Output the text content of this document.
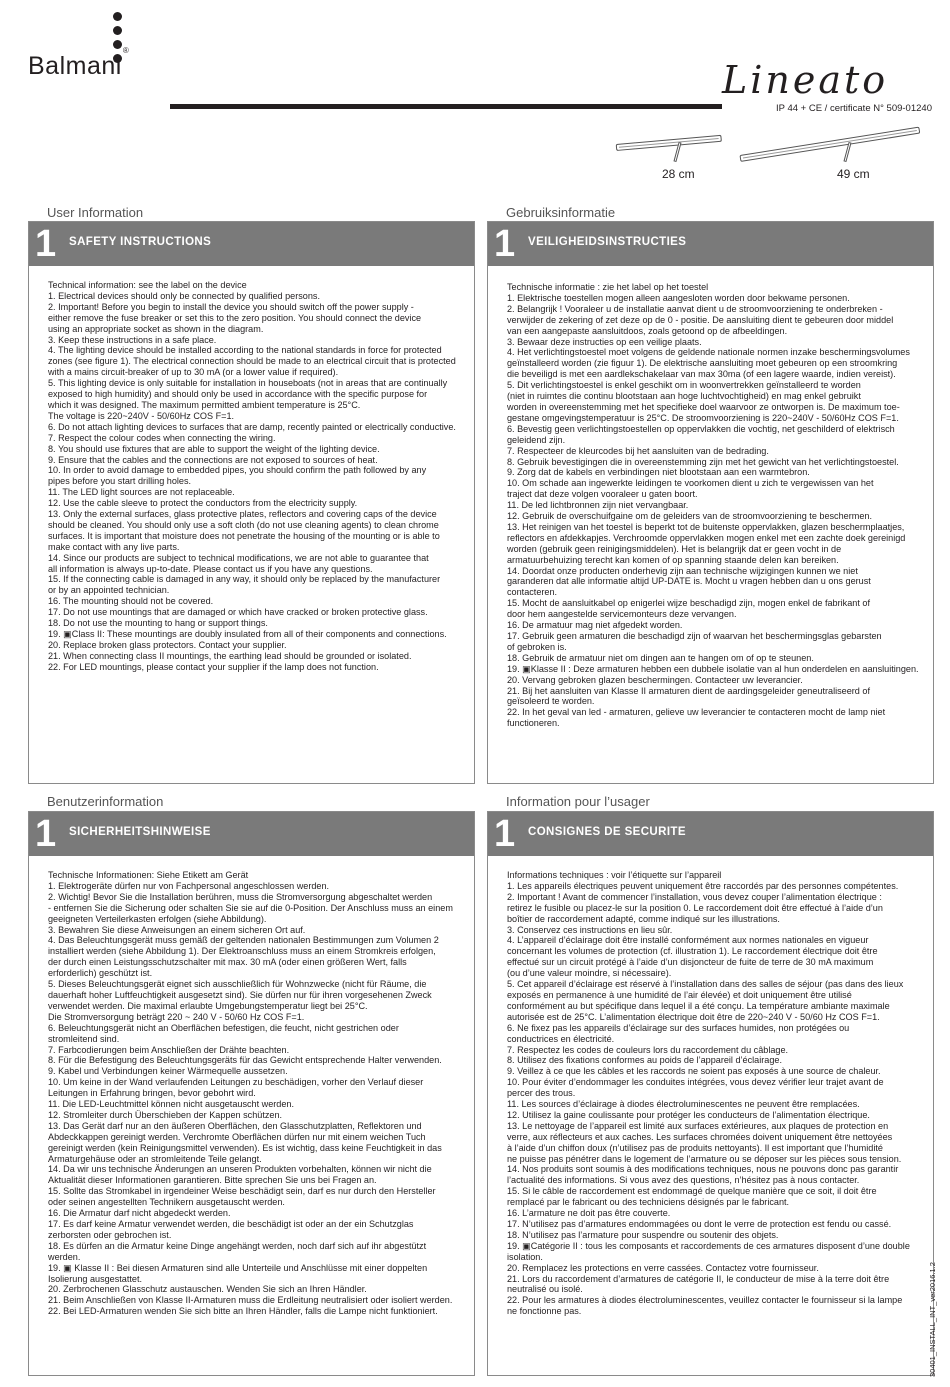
Balmani®
Lineato
IP 44 + CE / certificate N° 509-01240
28 cm	49 cm
User Information
1 SAFETY INSTRUCTIONS
Technical information: see the label on the device
1. Electrical devices should only be connected by qualified persons.
2. Important! Before you begin to install the device you should switch off the power supply -
either remove the fuse breaker or set this to the zero position. You should connect the device
using an appropriate socket as shown in the diagram.
3. Keep these instructions in a safe place.
4. The lighting device should be installed according to the national standards in force for protected
zones (see figure 1). The electrical connection should be made to an electrical circuit that is protected
with a mains circuit-breaker of up to 30 mA (or a lower value if required).
5. This lighting device is only suitable for installation in houseboats (not in areas that are continually
exposed to high humidity) and should only be used in accordance with the specific purpose for
which it was designed. The maximum permitted ambient temperature is 25°C.
The voltage is 220~240V - 50/60Hz COS F=1.
6. Do not attach lighting devices to surfaces that are damp, recently painted or electrically conductive.
7. Respect the colour codes when connecting the wiring.
8. You should use fixtures that are able to support the weight of the lighting device.
9. Ensure that the cables and the connections are not exposed to sources of heat.
10. In order to avoid damage to embedded pipes, you should confirm the path followed by any
pipes before you start drilling holes.
11. The LED light sources are not replaceable.
12. Use the cable sleeve to protect the conductors from the electricity supply.
13. Only the external surfaces, glass protective plates, reflectors and covering caps of the device
should be cleaned. You should only use a soft cloth (do not use cleaning agents) to clean chrome
surfaces. It is important that moisture does not penetrate the housing of the mounting or is able to
make contact with any live parts.
14. Since our products are subject to technical modifications, we are not able to guarantee that
all information is always up-to-date. Please contact us if you have any questions.
15. If the connecting cable is damaged in any way, it should only be replaced by the manufacturer
or by an appointed technician.
16. The mounting should not be covered.
17. Do not use mountings that are damaged or which have cracked or broken protective glass.
18. Do not use the mounting to hang or support things.
19. ▣Class II: These mountings are doubly insulated from all of their components and connections.
20. Replace broken glass protectors. Contact your supplier.
21. When connecting class II mountings, the earthing lead should be grounded or isolated.
22. For LED mountings, please contact your supplier if the lamp does not function.
Gebruiksinformatie
1 VEILIGHEIDSINSTRUCTIES
Technische informatie : zie het label op het toestel
1. Elektrische toestellen mogen alleen aangesloten worden door bekwame personen.
2. Belangrijk ! Vooraleer u de installatie aanvat dient u de stroomvoorziening te onderbreken -
verwijder de zekering of zet deze op de 0 - positie. De aansluiting dient te gebeuren door middel
van een aangepaste aansluitdoos, zoals getoond op de afbeeldingen.
3. Bewaar deze instructies op een veilige plaats.
4. Het verlichtingstoestel moet volgens de geldende nationale normen inzake beschermingsvolumes
geïnstalleerd worden (zie figuur 1). De elektrische aansluiting moet gebeuren op een stroomkring
die beveiligd is met een aardlekschakelaar van max 30ma (of een lagere waarde, indien vereist).
5. Dit verlichtingstoestel is enkel geschikt om in woonvertrekken geïnstalleerd te worden
(niet in ruimtes die continu blootstaan aan hoge luchtvochtigheid) en mag enkel gebruikt
worden in overeenstemming met het specifieke doel waarvoor ze ontworpen is. De maximum toe-
gestane omgevingstemperatuur is 25°C. De stroomvoorziening is 220~240V - 50/60Hz COS F=1.
6. Bevestig geen verlichtingstoestellen op oppervlakken die vochtig, net geschilderd of elektrisch
geleidend zijn.
7. Respecteer de kleurcodes bij het aansluiten van de bedrading.
8. Gebruik bevestigingen die in overeenstemming zijn met het gewicht van het verlichtingstoestel.
9. Zorg dat de kabels en verbindingen niet blootstaan aan een warmtebron.
10. Om schade aan ingewerkte leidingen te voorkomen dient u zich te vergewissen van het
traject dat deze volgen vooraleer u gaten boort.
11. De led lichtbronnen zijn niet vervangbaar.
12. Gebruik de overschuifgaine om de geleiders van de stroomvoorziening te beschermen.
13. Het reinigen van het toestel is beperkt tot de buitenste oppervlakken, glazen beschermplaatjes,
reflectors en afdekkapjes. Verchroomde oppervlakken mogen enkel met een zachte doek gereinigd
worden (gebruik geen reinigingsmiddelen). Het is belangrijk dat er geen vocht in de
armatuurbehuizing terecht kan komen of op spanning staande delen kan bereiken.
14. Doordat onze producten onderhevig zijn aan technische wijzigingen kunnen we niet
garanderen dat alle informatie altijd UP-DATE is. Mocht u vragen hebben dan u ons gerust
contacteren.
15. Mocht de aansluitkabel op enigerlei wijze beschadigd zijn, mogen enkel de fabrikant of
door hem aangestelde servicemonteurs deze vervangen.
16. De armatuur mag niet afgedekt worden.
17. Gebruik geen armaturen die beschadigd zijn of waarvan het beschermingsglas gebarsten
of gebroken is.
18. Gebruik de armatuur niet om dingen aan te hangen om of op te steunen.
19. ▣Klasse II : Deze armaturen hebben een dubbele isolatie van al hun onderdelen en aansluitingen.
20. Vervang gebroken glazen beschermingen. Contacteer uw leverancier.
21. Bij het aansluiten van Klasse II armaturen dient de aardingsgeleider geneutraliseerd of
geïsoleerd te worden.
22. In het geval van led - armaturen, gelieve uw leverancier te contacteren mocht de lamp niet
functioneren.
Benutzerinformation
1 SICHERHEITSHINWEISE
Technische Informationen: Siehe Etikett am Gerät
1. Elektrogeräte dürfen nur von Fachpersonal angeschlossen werden.
2. Wichtig! Bevor Sie die Installation berühren, muss die Stromversorgung abgeschaltet werden
- entfernen Sie die Sicherung oder schalten Sie sie auf die 0-Position. Der Anschluss muss an einem
geeigneten Verteilerkasten erfolgen (siehe Abbildung).
3. Bewahren Sie diese Anweisungen an einem sicheren Ort auf.
4. Das Beleuchtungsgerät muss gemäß der geltenden nationalen Bestimmungen zum Volumen 2
installiert werden (siehe Abbildung 1). Der Elektroanschluss muss an einem Stromkreis erfolgen,
der durch einen Leistungsschutzschalter mit max. 30 mA (oder einen größeren Wert, falls
erforderlich) geschützt ist.
5. Dieses Beleuchtungsgerät eignet sich ausschließlich für Wohnzwecke (nicht für Räume, die
dauerhaft hoher Luftfeuchtigkeit ausgesetzt sind). Sie dürfen nur für ihren vorgesehenen Zweck
verwendet werden. Die maximal erlaubte Umgebungstemperatur liegt bei 25°C.
Die Stromversorgung beträgt 220 ~ 240 V - 50/60 Hz COS F=1.
6. Beleuchtungsgerät nicht an Oberflächen befestigen, die feucht, nicht gestrichen oder
stromleitend sind.
7. Farbcodierungen beim Anschließen der Drähte beachten.
8. Für die Befestigung des Beleuchtungsgeräts für das Gewicht entsprechende Halter verwenden.
9. Kabel und Verbindungen keiner Wärmequelle aussetzen.
10. Um keine in der Wand verlaufenden Leitungen zu beschädigen, vorher den Verlauf dieser
Leitungen in Erfahrung bringen, bevor gebohrt wird.
11. Die LED-Leuchtmittel können nicht ausgetauscht werden.
12. Stromleiter durch Überschieben der Kappen schützen.
13. Das Gerät darf nur an den äußeren Oberflächen, den Glasschutzplatten, Reflektoren und
Abdeckkappen gereinigt werden. Verchromte Oberflächen dürfen nur mit einem weichen Tuch
gereinigt werden (kein Reinigungsmittel verwenden). Es ist wichtig, dass keine Feuchtigkeit in das
Armaturgehäuse oder an stromleitende Teile gelangt.
14. Da wir uns technische Änderungen an unseren Produkten vorbehalten, können wir nicht die
Aktualität dieser Informationen garantieren. Bitte sprechen Sie uns bei Fragen an.
15. Sollte das Stromkabel in irgendeiner Weise beschädigt sein, darf es nur durch den Hersteller
oder seinen angestellten Technikern ausgetauscht werden.
16. Die Armatur darf nicht abgedeckt werden.
17. Es darf keine Armatur verwendet werden, die beschädigt ist oder an der ein Schutzglas
zerborsten oder gebrochen ist.
18. Es dürfen an die Armatur keine Dinge angehängt werden, noch darf sich auf ihr abgestützt
werden.
19. ▣ Klasse II : Bei diesen Armaturen sind alle Unterteile und Anschlüsse mit einer doppelten
Isolierung ausgestattet.
20. Zerbrochenen Glasschutz austauschen. Wenden Sie sich an Ihren Händler.
21. Beim Anschließen von Klasse II-Armaturen muss die Erdleitung neutralisiert oder isoliert werden.
22. Bei LED-Armaturen wenden Sie sich bitte an Ihren Händler, falls die Lampe nicht funktioniert.
Information pour l’usager
1 CONSIGNES DE SECURITE
Informations techniques : voir l’étiquette sur l’appareil
1. Les appareils électriques peuvent uniquement être raccordés par des personnes compétentes.
2. Important ! Avant de commencer l’installation, vous devez couper l’alimentation électrique :
retirez le fusible ou placez-le sur la position 0. Le raccordement doit être effectué à l’aide d’un
boîtier de raccordement adapté, comme indiqué sur les illustrations.
3. Conservez ces instructions en lieu sûr.
4. L’appareil d’éclairage doit être installé conformément aux normes nationales en vigueur
concernant les volumes de protection (cf. illustration 1). Le raccordement électrique doit être
effectué sur un circuit protégé à l’aide d’un disjoncteur de fuite de terre de 30 mA maximum
(ou d’une valeur moindre, si nécessaire).
5. Cet appareil d’éclairage est réservé à l’installation dans des salles de séjour (pas dans des lieux
exposés en permanence à une humidité de l’air élevée) et doit uniquement être utilisé
conformément au but spécifique dans lequel il a été conçu. La température ambiante maximale
autorisée est de 25°C. L’alimentation électrique doit être de 220~240 V - 50/60 Hz COS F=1.
6. Ne fixez pas les appareils d’éclairage sur des surfaces humides, non protégées ou
conductrices en électricité.
7. Respectez les codes de couleurs lors du raccordement du câblage.
8. Utilisez des fixations conformes au poids de l’appareil d’éclairage.
9. Veillez à ce que les câbles et les raccords ne soient pas exposés à une source de chaleur.
10. Pour éviter d’endommager les conduites intégrées, vous devez vérifier leur trajet avant de
percer des trous.
11. Les sources d’éclairage à diodes électroluminescentes ne peuvent être remplacées.
12. Utilisez la gaine coulissante pour protéger les conducteurs de l’alimentation électrique.
13. Le nettoyage de l’appareil est limité aux surfaces extérieures, aux plaques de protection en
verre, aux réflecteurs et aux caches. Les surfaces chromées doivent uniquement être nettoyées
à l’aide d’un chiffon doux (n’utilisez pas de produits nettoyants). Il est important que l’humidité
ne puisse pas pénétrer dans le logement de l’armature ou se déposer sur les pièces sous tension.
14. Nos produits sont soumis à des modifications techniques, nous ne pouvons donc pas garantir
l’actualité des informations. Si vous avez des questions, n’hésitez pas à nous contacter.
15. Si le câble de raccordement est endommagé de quelque manière que ce soit, il doit être
remplacé par le fabricant ou des techniciens désignés par le fabricant.
16. L’armature ne doit pas être couverte.
17. N’utilisez pas d’armatures endommagées ou dont le verre de protection est fendu ou cassé.
18. N’utilisez pas l’armature pour suspendre ou soutenir des objets.
19. ▣Catégorie II : tous les composants et raccordements de ces armatures disposent d’une double
isolation.
20. Remplacez les protections en verre cassées. Contactez votre fournisseur.
21. Lors du raccordement d’armatures de catégorie II, le conducteur de mise à la terre doit être
neutralisé ou isolé.
22. Pour les armatures à diodes électroluminescentes, veuillez contacter le fournisseur si la lampe
ne fonctionne pas.	30401_INSTALL_INT_ver2016.1.2
